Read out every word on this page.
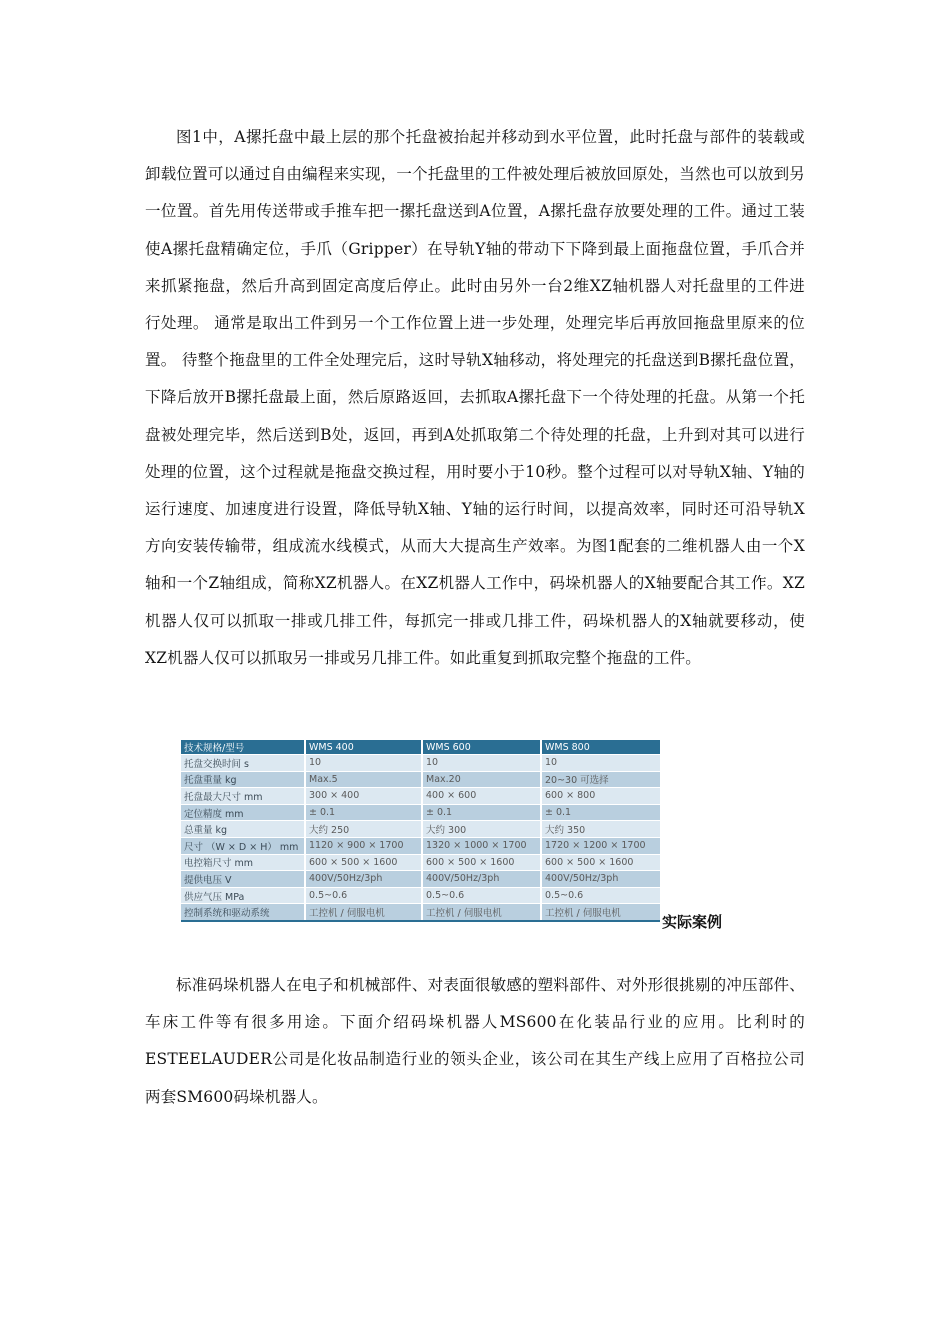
图1中，A摞托盘中最上层的那个托盘被抬起并移动到水平位置，此时托盘与部件的装载或卸载位置可以通过自由编程来实现，一个托盘里的工件被处理后被放回原处，当然也可以放到另一位置。首先用传送带或手推车把一摞托盘送到A位置，A摞托盘存放要处理的工件。通过工装使A摞托盘精确定位，手爪（Gripper）在导轨Y轴的带动下下降到最上面拖盘位置，手爪合并来抓紧拖盘，然后升高到固定高度后停止。此时由另外一台2维XZ轴机器人对托盘里的工件进行处理。 通常是取出工件到另一个工作位置上进一步处理，处理完毕后再放回拖盘里原来的位置。 待整个拖盘里的工件全处理完后，这时导轨X轴移动，将处理完的托盘送到B摞托盘位置，下降后放开B摞托盘最上面，然后原路返回，去抓取A摞托盘下一个待处理的托盘。从第一个托盘被处理完毕，然后送到B处，返回，再到A处抓取第二个待处理的托盘，上升到对其可以进行处理的位置，这个过程就是拖盘交换过程，用时要小于10秒。整个过程可以对导轨X轴、Y轴的运行速度、加速度进行设置，降低导轨X轴、Y轴的运行时间，以提高效率，同时还可沿导轨X方向安装传输带，组成流水线模式，从而大大提高生产效率。为图1配套的二维机器人由一个X轴和一个Z轴组成，简称XZ机器人。在XZ机器人工作中，码垛机器人的X轴要配合其工作。XZ机器人仅可以抓取一排或几排工件，每抓完一排或几排工件，码垛机器人的X轴就要移动，使XZ机器人仅可以抓取另一排或另几排工件。如此重复到抓取完整个拖盘的工件。

技术规格/型号	WMS 400	WMS 600	WMS 800
托盘交换时间 s	10	10	10
托盘重量 kg	Max.5	Max.20	20~30 可选择
托盘最大尺寸 mm	300 × 400	400 × 600	600 × 800
定位精度 mm	± 0.1	± 0.1	± 0.1
总重量 kg	大约 250	大约 300	大约 350
尺寸 （W × D × H） mm	1120 × 900 × 1700	1320 × 1000 × 1700	1720 × 1200 × 1700
电控箱尺寸 mm	600 × 500 × 1600	600 × 500 × 1600	600 × 500 × 1600
提供电压 V	400V/50Hz/3ph	400V/50Hz/3ph	400V/50Hz/3ph
供应气压 MPa	0.5~0.6	0.5~0.6	0.5~0.6
控制系统和驱动系统	工控机 / 伺服电机	工控机 / 伺服电机	工控机 / 伺服电机	实际案例

标准码垛机器人在电子和机械部件、对表面很敏感的塑料部件、对外形很挑剔的冲压部件、车床工件等有很多用途。下面介绍码垛机器人MS600在化装品行业的应用。比利时的ESTEELAUDER公司是化妆品制造行业的领头企业，该公司在其生产线上应用了百格拉公司两套SM600码垛机器人。
